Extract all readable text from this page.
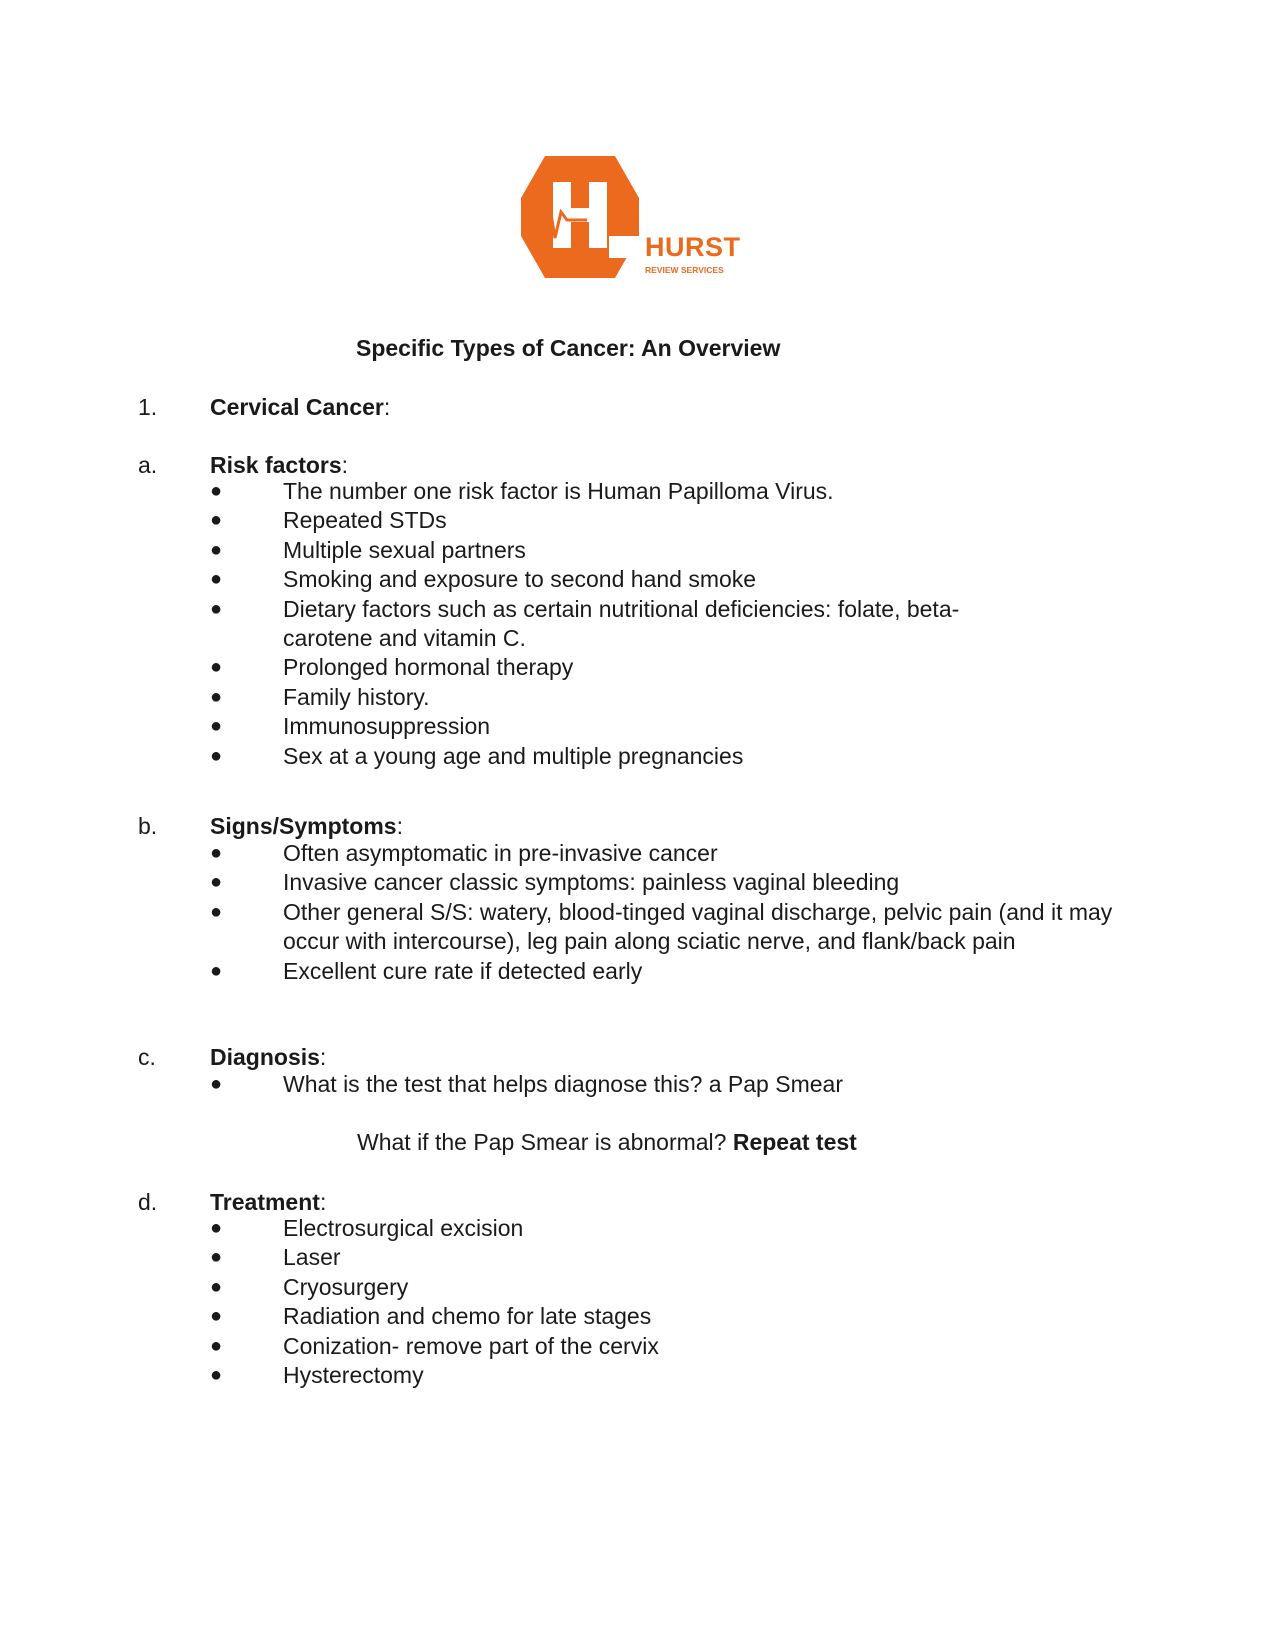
HURST
REVIEW SERVICES
Specific Types of Cancer: An Overview
1. Cervical Cancer:
a. Risk factors:
●	The number one risk factor is Human Papilloma Virus.
●	Repeated STDs
●	Multiple sexual partners
●	Smoking and exposure to second hand smoke
●	Dietary factors such as certain nutritional deficiencies: folate, beta-carotene and vitamin C.
●	Prolonged hormonal therapy
●	Family history.
●	Immunosuppression
●	Sex at a young age and multiple pregnancies
b. Signs/Symptoms:
●	Often asymptomatic in pre-invasive cancer
●	Invasive cancer classic symptoms: painless vaginal bleeding
●	Other general S/S: watery, blood-tinged vaginal discharge, pelvic pain (and it may occur with intercourse), leg pain along sciatic nerve, and flank/back pain
●	Excellent cure rate if detected early
c. Diagnosis:
●	What is the test that helps diagnose this? a Pap Smear
What if the Pap Smear is abnormal? Repeat test
d. Treatment:
●	Electrosurgical excision
●	Laser
●	Cryosurgery
●	Radiation and chemo for late stages
●	Conization- remove part of the cervix
●	Hysterectomy
